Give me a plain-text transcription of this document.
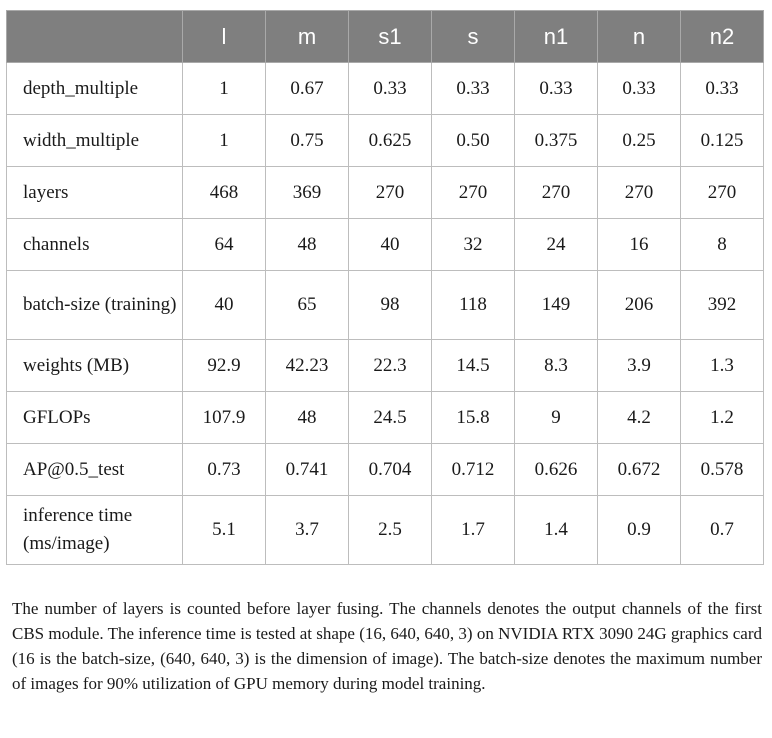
	l	m	s1	s	n1	n	n2
depth_multiple	1	0.67	0.33	0.33	0.33	0.33	0.33
width_multiple	1	0.75	0.625	0.50	0.375	0.25	0.125
layers	468	369	270	270	270	270	270
channels	64	48	40	32	24	16	8
batch-size (training)	40	65	98	118	149	206	392
weights (MB)	92.9	42.23	22.3	14.5	8.3	3.9	1.3
GFLOPs	107.9	48	24.5	15.8	9	4.2	1.2
AP@0.5_test	0.73	0.741	0.704	0.712	0.626	0.672	0.578
inference time (ms/image)	5.1	3.7	2.5	1.7	1.4	0.9	0.7

The number of layers is counted before layer fusing. The channels denotes the output channels of the first CBS module. The inference time is tested at shape (16, 640, 640, 3) on NVIDIA RTX 3090 24G graphics card (16 is the batch-size, (640, 640, 3) is the dimension of image). The batch-size denotes the maximum number of images for 90% utilization of GPU memory during model training.
